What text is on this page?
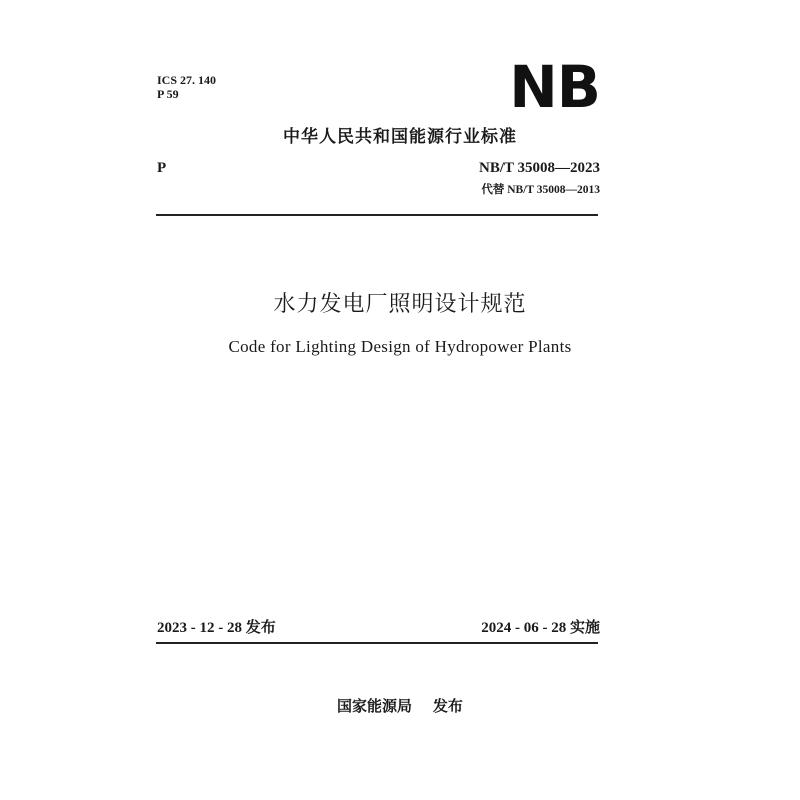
ICS 27. 140
P 59	NB
中华人民共和国能源行业标准
P	NB/T 35008—2023
代替 NB/T 35008—2013
水力发电厂照明设计规范
Code for Lighting Design of Hydropower Plants
2023 - 12 - 28 发布	2024 - 06 - 28 实施
国家能源局    发布
